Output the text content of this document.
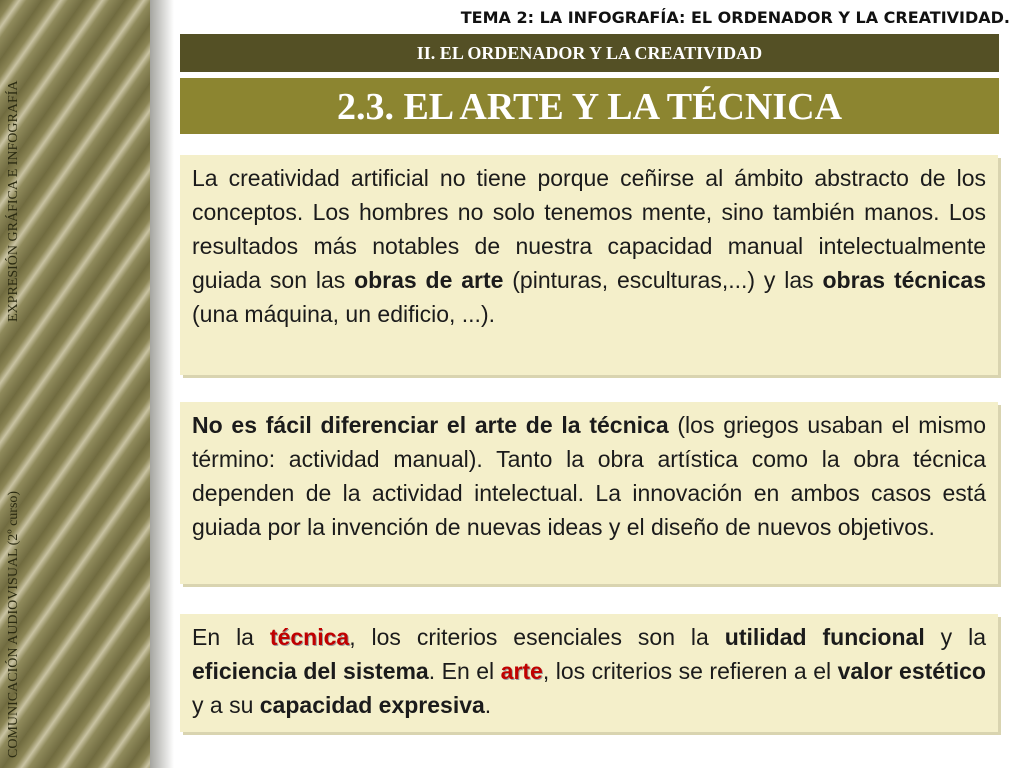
EXPRESIÓN GRÁFICA E INFOGRAFÍA
COMUNICACIÓN AUDIOVISUAL (2º curso)
TEMA 2: LA INFOGRAFÍA: EL ORDENADOR Y LA CREATIVIDAD.
II. EL ORDENADOR Y LA CREATIVIDAD
2.3. EL ARTE Y LA TÉCNICA
La creatividad artificial no tiene porque ceñirse al ámbito abstracto de los conceptos. Los hombres no solo tenemos mente, sino también manos. Los resultados más notables de nuestra capacidad manual intelectualmente guiada son las obras de arte (pinturas, esculturas,...) y las obras técnicas (una máquina, un edificio, ...).
No es fácil diferenciar el arte de la técnica (los griegos usaban el mismo término: actividad manual). Tanto la obra artística como la obra técnica dependen de la actividad intelectual. La innovación en ambos casos está guiada por la invención de nuevas ideas y el diseño de nuevos objetivos.
En la técnica, los criterios esenciales son la utilidad funcional y la eficiencia del sistema. En el arte, los criterios se refieren a el valor estético y a su capacidad expresiva.
